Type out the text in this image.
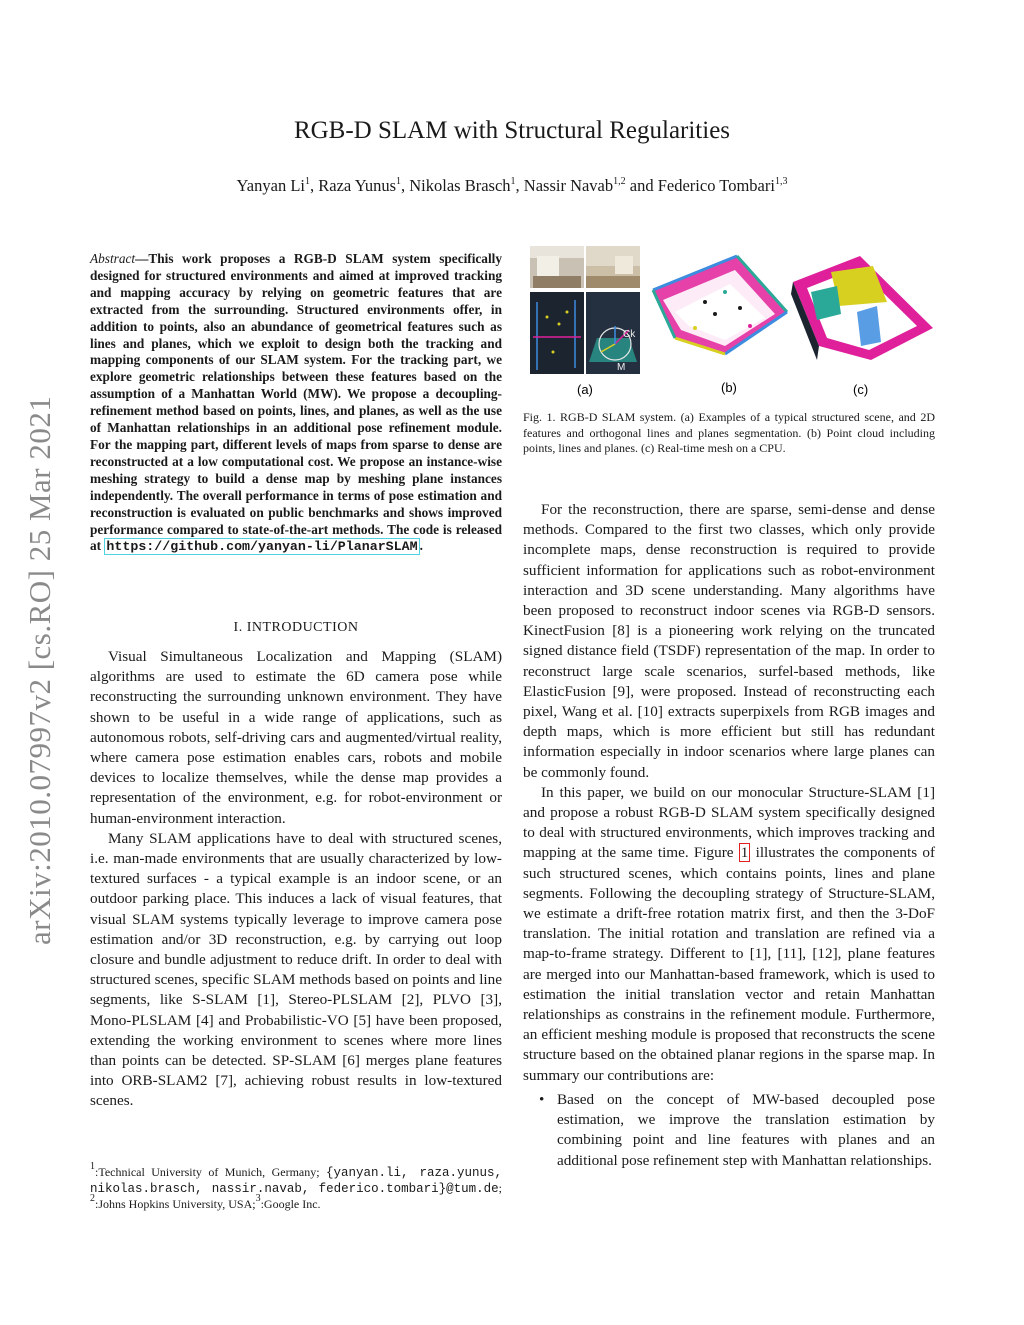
arXiv:2010.07997v2 [cs.RO] 25 Mar 2021
RGB-D SLAM with Structural Regularities
Yanyan Li$^1$, Raza Yunus$^1$, Nikolas Brasch$^1$, Nassir Navab$^{1,2}$ and Federico Tombari$^{1,3}$
Abstract—This work proposes a RGB-D SLAM system specifically designed for structured environments and aimed at improved tracking and mapping accuracy by relying on geometric features that are extracted from the surrounding. Structured environments offer, in addition to points, also an abundance of geometrical features such as lines and planes, which we exploit to design both the tracking and mapping components of our SLAM system. For the tracking part, we explore geometric relationships between these features based on the assumption of a Manhattan World (MW). We propose a decoupling-refinement method based on points, lines, and planes, as well as the use of Manhattan relationships in an additional pose refinement module. For the mapping part, different levels of maps from sparse to dense are reconstructed at a low computational cost. We propose an instance-wise meshing strategy to build a dense map by meshing plane instances independently. The overall performance in terms of pose estimation and reconstruction is evaluated on public benchmarks and shows improved performance compared to state-of-the-art methods. The code is released at https://github.com/yanyan-li/PlanarSLAM .
I. INTRODUCTION

Visual Simultaneous Localization and Mapping (SLAM) algorithms are used to estimate the 6D camera pose while reconstructing the surrounding unknown environment. They have shown to be useful in a wide range of applications, such as autonomous robots, self-driving cars and augmented/virtual reality, where camera pose estimation enables cars, robots and mobile devices to localize themselves, while the dense map provides a representation of the environment, e.g. for robot-environment or human-environment interaction.

Many SLAM applications have to deal with structured scenes, i.e. man-made environments that are usually characterized by low-textured surfaces - a typical example is an indoor scene, or an outdoor parking place. This induces a lack of visual features, that visual SLAM systems typically leverage to improve camera pose estimation and/or 3D reconstruction, e.g. by carrying out loop closure and bundle adjustment to reduce drift. In order to deal with structured scenes, specific SLAM methods based on points and line segments, like S-SLAM [1], Stereo-PLSLAM [2], PLVO [3], Mono-PLSLAM [4] and Probabilistic-VO [5] have been proposed, extending the working environment to scenes where more lines than points can be detected. SP-SLAM [6] merges plane features into ORB-SLAM2 [7], achieving robust results in low-textured scenes.

$^1$:Technical University of Munich, Germany; {yanyan.li, raza.yunus, nikolas.brasch, nassir.navab, federico.tombari}@tum.de; $^2$:Johns Hopkins University, USA;$^3$:Google Inc.
Ck
M
(a)	(b)	(c)
Fig. 1. RGB-D SLAM system. (a) Examples of a typical structured scene, and 2D features and orthogonal lines and planes segmentation. (b) Point cloud including points, lines and planes. (c) Real-time mesh on a CPU.

For the reconstruction, there are sparse, semi-dense and dense methods. Compared to the first two classes, which only provide incomplete maps, dense reconstruction is required to provide sufficient information for applications such as robot-environment interaction and 3D scene understanding. Many algorithms have been proposed to reconstruct indoor scenes via RGB-D sensors. KinectFusion [8] is a pioneering work relying on the truncated signed distance field (TSDF) representation of the map. In order to reconstruct large scale scenarios, surfel-based methods, like ElasticFusion [9], were proposed. Instead of reconstructing each pixel, Wang et al. [10] extracts superpixels from RGB images and depth maps, which is more efficient but still has redundant information especially in indoor scenarios where large planes can be commonly found.

In this paper, we build on our monocular Structure-SLAM [1] and propose a robust RGB-D SLAM system specifically designed to deal with structured environments, which improves tracking and mapping at the same time. Figure 1 illustrates the components of such structured scenes, which contains points, lines and plane segments. Following the decoupling strategy of Structure-SLAM, we estimate a drift-free rotation matrix first, and then the 3-DoF translation. The initial rotation and translation are refined via a map-to-frame strategy. Different to [1], [11], [12], plane features are merged into our Manhattan-based framework, which is used to estimation the initial translation vector and retain Manhattan relationships as constrains in the refinement module. Furthermore, an efficient meshing module is proposed that reconstructs the scene structure based on the obtained planar regions in the sparse map. In summary our contributions are:

• Based on the concept of MW-based decoupled pose estimation, we improve the translation estimation by combining point and line features with planes and an additional pose refinement step with Manhattan relationships.
